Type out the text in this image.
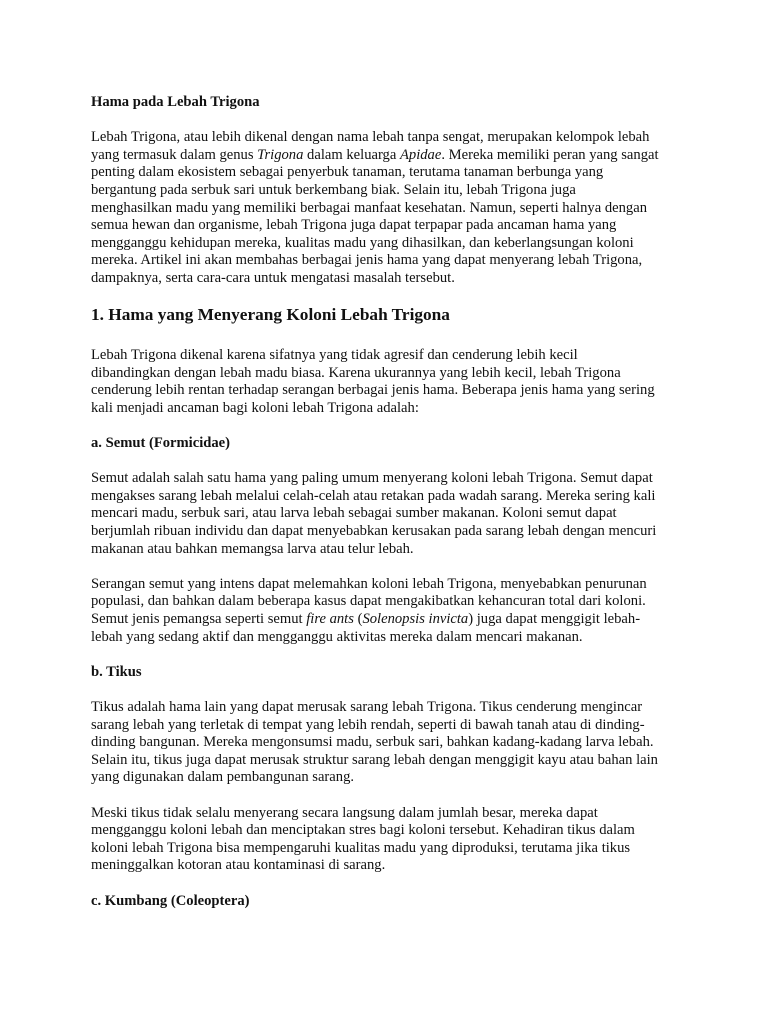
Hama pada Lebah Trigona

Lebah Trigona, atau lebih dikenal dengan nama lebah tanpa sengat, merupakan kelompok lebah
yang termasuk dalam genus Trigona dalam keluarga Apidae. Mereka memiliki peran yang sangat
penting dalam ekosistem sebagai penyerbuk tanaman, terutama tanaman berbunga yang
bergantung pada serbuk sari untuk berkembang biak. Selain itu, lebah Trigona juga
menghasilkan madu yang memiliki berbagai manfaat kesehatan. Namun, seperti halnya dengan
semua hewan dan organisme, lebah Trigona juga dapat terpapar pada ancaman hama yang
mengganggu kehidupan mereka, kualitas madu yang dihasilkan, dan keberlangsungan koloni
mereka. Artikel ini akan membahas berbagai jenis hama yang dapat menyerang lebah Trigona,
dampaknya, serta cara-cara untuk mengatasi masalah tersebut.

1. Hama yang Menyerang Koloni Lebah Trigona

Lebah Trigona dikenal karena sifatnya yang tidak agresif dan cenderung lebih kecil
dibandingkan dengan lebah madu biasa. Karena ukurannya yang lebih kecil, lebah Trigona
cenderung lebih rentan terhadap serangan berbagai jenis hama. Beberapa jenis hama yang sering
kali menjadi ancaman bagi koloni lebah Trigona adalah:

a. Semut (Formicidae)

Semut adalah salah satu hama yang paling umum menyerang koloni lebah Trigona. Semut dapat
mengakses sarang lebah melalui celah-celah atau retakan pada wadah sarang. Mereka sering kali
mencari madu, serbuk sari, atau larva lebah sebagai sumber makanan. Koloni semut dapat
berjumlah ribuan individu dan dapat menyebabkan kerusakan pada sarang lebah dengan mencuri
makanan atau bahkan memangsa larva atau telur lebah.

Serangan semut yang intens dapat melemahkan koloni lebah Trigona, menyebabkan penurunan
populasi, dan bahkan dalam beberapa kasus dapat mengakibatkan kehancuran total dari koloni.
Semut jenis pemangsa seperti semut fire ants (Solenopsis invicta) juga dapat menggigit lebah-
lebah yang sedang aktif dan mengganggu aktivitas mereka dalam mencari makanan.

b. Tikus

Tikus adalah hama lain yang dapat merusak sarang lebah Trigona. Tikus cenderung mengincar
sarang lebah yang terletak di tempat yang lebih rendah, seperti di bawah tanah atau di dinding-
dinding bangunan. Mereka mengonsumsi madu, serbuk sari, bahkan kadang-kadang larva lebah.
Selain itu, tikus juga dapat merusak struktur sarang lebah dengan menggigit kayu atau bahan lain
yang digunakan dalam pembangunan sarang.

Meski tikus tidak selalu menyerang secara langsung dalam jumlah besar, mereka dapat
mengganggu koloni lebah dan menciptakan stres bagi koloni tersebut. Kehadiran tikus dalam
koloni lebah Trigona bisa mempengaruhi kualitas madu yang diproduksi, terutama jika tikus
meninggalkan kotoran atau kontaminasi di sarang.

c. Kumbang (Coleoptera)
